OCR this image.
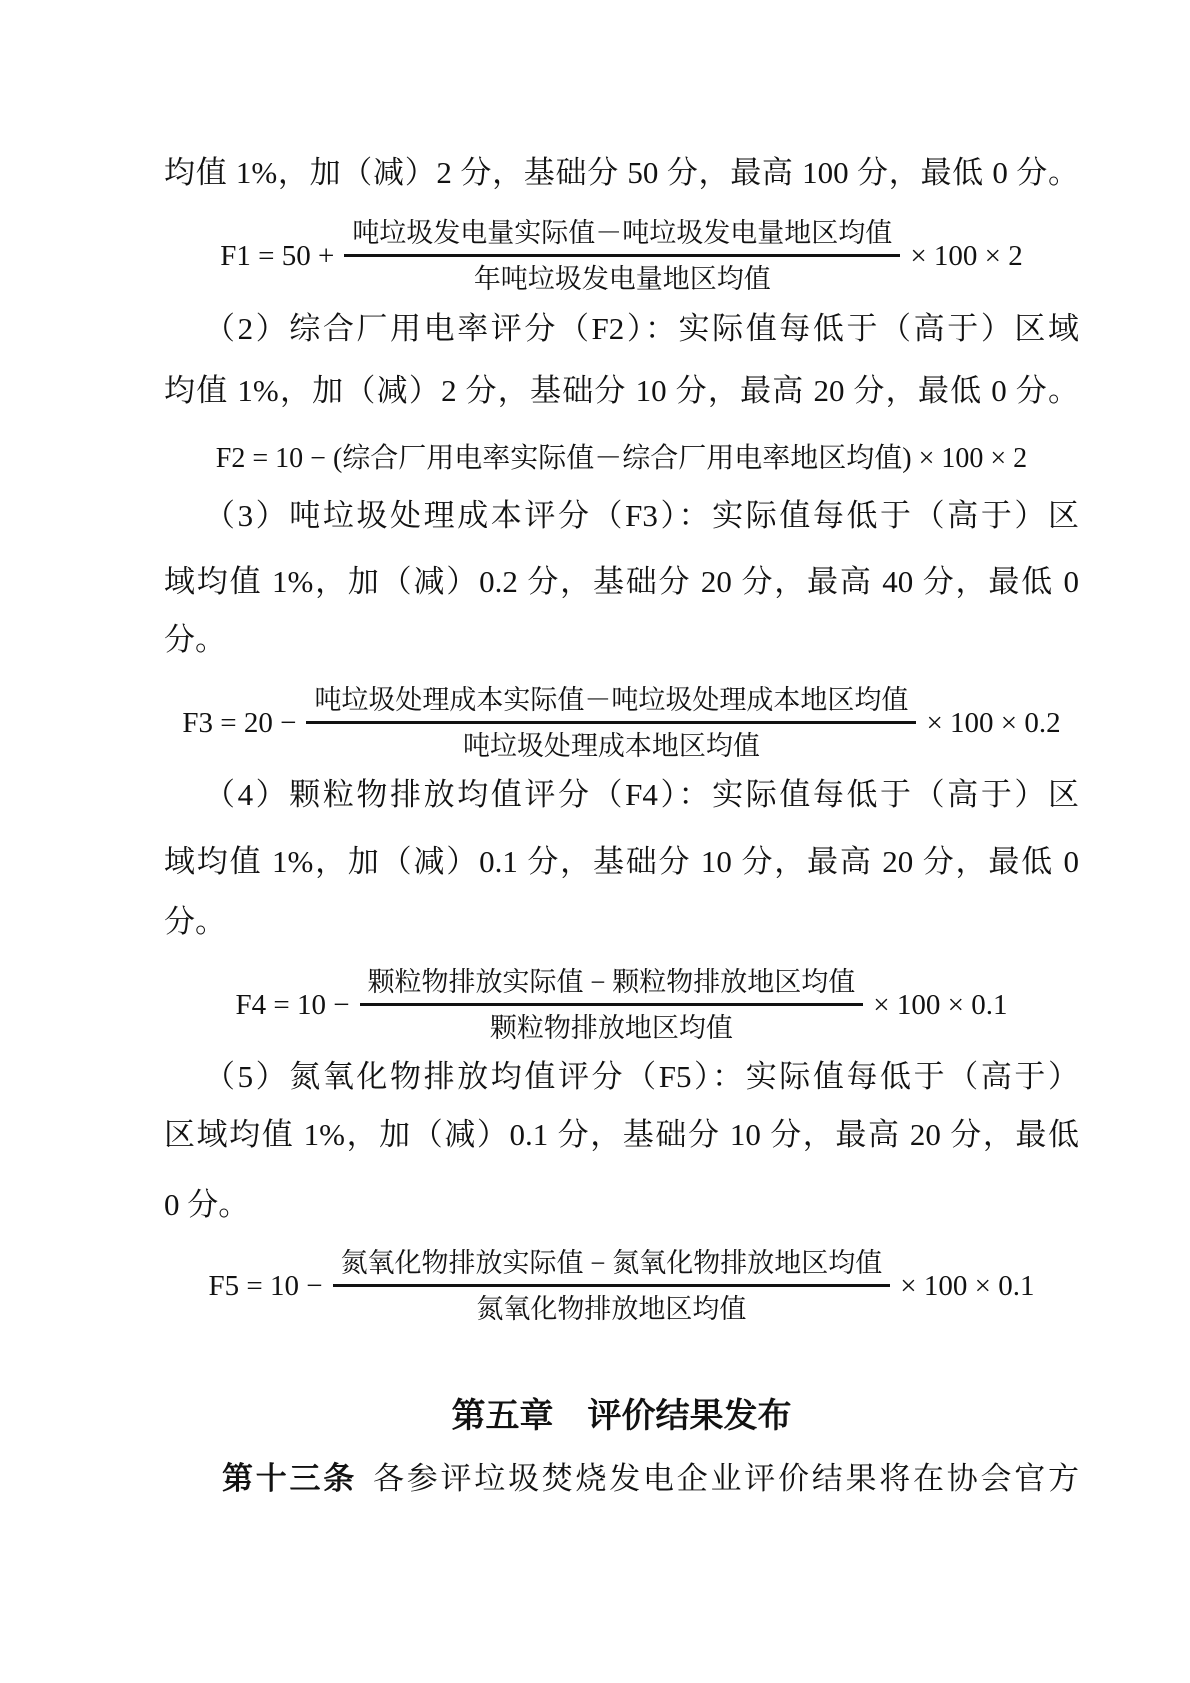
均值 1%，加（减）2 分，基础分 50 分，最高 100 分，最低 0 分。
$F1 = 50 + \frac{\text{吨垃圾发电量实际值－吨垃圾发电量地区均值}}{\text{年吨垃圾发电量地区均值}} \times 100 \times 2$
（2）综合厂用电率评分（F2）：实际值每低于（高于）区域
均值 1%，加（减）2 分，基础分 10 分，最高 20 分，最低 0 分。
F2 = 10 − (综合厂用电率实际值－综合厂用电率地区均值) × 100 × 2
（3）吨垃圾处理成本评分（F3）：实际值每低于（高于）区
域均值 1%，加（减）0.2 分，基础分 20 分，最高 40 分，最低 0
分。
$F3 = 20 - \frac{\text{吨垃圾处理成本实际值－吨垃圾处理成本地区均值}}{\text{吨垃圾处理成本地区均值}} \times 100 \times 0.2$
（4）颗粒物排放均值评分（F4）：实际值每低于（高于）区
域均值 1%，加（减）0.1 分，基础分 10 分，最高 20 分，最低 0
分。
$F4 = 10 - \frac{\text{颗粒物排放实际值 − 颗粒物排放地区均值}}{\text{颗粒物排放地区均值}} \times 100 \times 0.1$
（5）氮氧化物排放均值评分（F5）：实际值每低于（高于）
区域均值 1%，加（减）0.1 分，基础分 10 分，最高 20 分，最低
0 分。
$F5 = 10 - \frac{\text{氮氧化物排放实际值 − 氮氧化物排放地区均值}}{\text{氮氧化物排放地区均值}} \times 100 \times 0.1$
第五章　评价结果发布
第十三条 各参评垃圾焚烧发电企业评价结果将在协会官方
